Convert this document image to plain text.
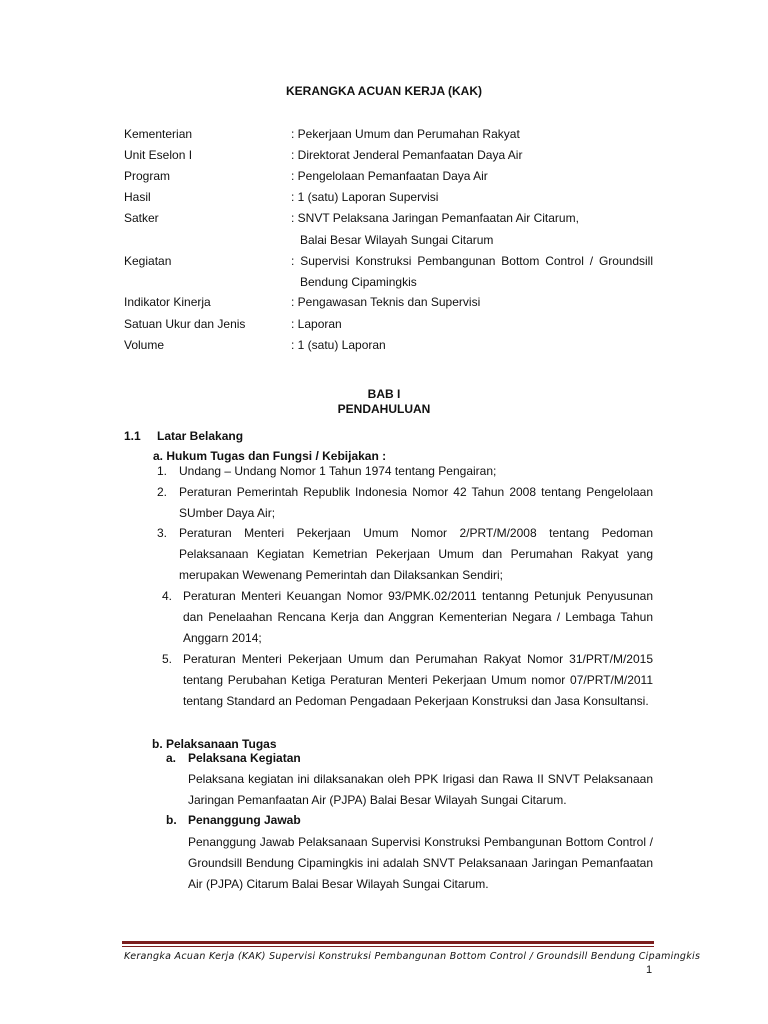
KERANGKA ACUAN KERJA (KAK)
Kementerian	: Pekerjaan Umum dan Perumahan Rakyat
Unit Eselon I	: Direktorat Jenderal Pemanfaatan Daya Air
Program	: Pengelolaan Pemanfaatan Daya Air
Hasil	: 1 (satu) Laporan Supervisi
Satker	: SNVT Pelaksana Jaringan Pemanfaatan Air Citarum,
Balai Besar Wilayah Sungai Citarum
Kegiatan	: Supervisi Konstruksi Pembangunan Bottom Control / Groundsill
Bendung Cipamingkis
Indikator Kinerja	: Pengawasan Teknis dan Supervisi
Satuan Ukur dan Jenis	: Laporan
Volume	: 1 (satu) Laporan
BAB I
PENDAHULUAN
1.1 Latar Belakang
a. Hukum Tugas dan Fungsi / Kebijakan :
1. Undang – Undang Nomor 1 Tahun 1974 tentang Pengairan;
2. Peraturan Pemerintah Republik Indonesia Nomor 42 Tahun 2008 tentang Pengelolaan
SUmber Daya Air;
3. Peraturan Menteri Pekerjaan Umum Nomor 2/PRT/M/2008 tentang Pedoman
Pelaksanaan Kegiatan Kemetrian Pekerjaan Umum dan Perumahan Rakyat yang
merupakan Wewenang Pemerintah dan Dilaksankan Sendiri;
4. Peraturan Menteri Keuangan Nomor 93/PMK.02/2011 tentanng Petunjuk Penyusunan
dan Penelaahan Rencana Kerja dan Anggran Kementerian Negara / Lembaga Tahun
Anggarn 2014;
5. Peraturan Menteri Pekerjaan Umum dan Perumahan Rakyat Nomor 31/PRT/M/2015
tentang Perubahan Ketiga Peraturan Menteri Pekerjaan Umum nomor 07/PRT/M/2011
tentang Standard an Pedoman Pengadaan Pekerjaan Konstruksi dan Jasa Konsultansi.
b. Pelaksanaan Tugas
a. Pelaksana Kegiatan
Pelaksana kegiatan ini dilaksanakan oleh PPK Irigasi dan Rawa II SNVT Pelaksanaan
Jaringan Pemanfaatan Air (PJPA) Balai Besar Wilayah Sungai Citarum.
b. Penanggung Jawab
Penanggung Jawab Pelaksanaan Supervisi Konstruksi Pembangunan Bottom Control /
Groundsill Bendung Cipamingkis ini adalah SNVT Pelaksanaan Jaringan Pemanfaatan
Air (PJPA) Citarum Balai Besar Wilayah Sungai Citarum.
Kerangka Acuan Kerja (KAK) Supervisi Konstruksi Pembangunan Bottom Control / Groundsill Bendung Cipamingkis
1
